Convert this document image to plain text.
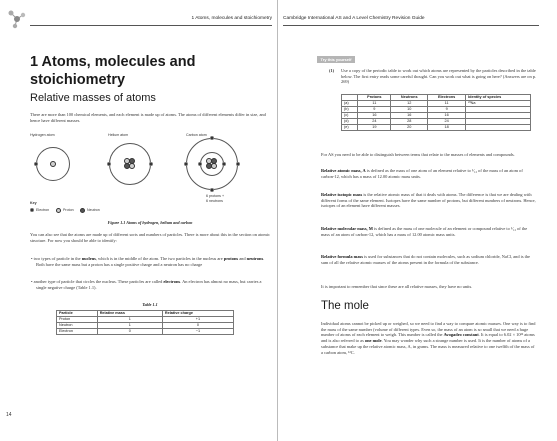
1 Atoms, molecules and stoichiometry
1 Atoms, molecules and
stoichiometry
Relative masses of atoms
There are more than 100 chemical elements, and each element is made up of atoms. The atoms of different elements differ in size, and hence have different masses.
Hydrogen atom	Helium atom	Carbon atom
6 protons +
6 neutrons
Key
Electron	Proton	Neutron
Figure 1.1 Atoms of hydrogen, helium and carbon
You can also see that the atoms are made up of different sorts and numbers of particles. There is more about this in the section on atomic structure. For now you should be able to identify:
• two types of particle in the nucleus, which is in the middle of the atom. The two particles in the nucleus are protons and neutrons. Both have the same mass but a proton has a single positive charge and a neutron has no charge
• another type of particle that circles the nucleus. These particles are called electrons. An electron has almost no mass, but carries a single negative charge (Table 1.1).
Table 1.1
Particle	Relative mass	Relative charge
Proton	1	+1
Neutron	1	0
Electron	0	−1
14
Cambridge International AS and A Level Chemistry Revision Guide
Try this yourself
(1) Use a copy of the periodic table to work out which atoms are represented by the particles described in the table below. The first entry reads some careful thought. Can you work out what is going on here? (Answers are on p. 269)
	Protons	Neutrons	Electrons	Identity of species
(a)	11	12	11	²³Na
(b)	9	10	9	
(c)	16	16	16	
(d)	24	28	24	
(e)	19	20	18	
For AS you need to be able to distinguish between terms that relate to the masses of elements and compounds.
Relative atomic mass, A is defined as the mass of one atom of an element relative to ¹⁄₁₂ of the mass of an atom of carbon-12, which has a mass of 12.00 atomic mass units.
Relative isotopic mass is the relative atomic mass of that it deals with atoms. The difference is that we are dealing with different forms of the same element. Isotopes have the same number of protons, but different numbers of neutrons. Hence, isotopes of an element have different masses.
Relative molecular mass, M is defined as the mass of one molecule of an element or compound relative to ¹⁄₁₂ of the mass of an atom of carbon-12, which has a mass of 12.00 atomic mass units.
Relative formula mass is used for substances that do not contain molecules, such as sodium chloride, NaCl, and is the sum of all the relative atomic masses of the atoms present in the formula of the substance.
It is important to remember that since these are all relative masses, they have no units.
The mole
Individual atoms cannot be picked up or weighed, so we need to find a way to compare atomic masses. One way is to find the mass of the same number (volume of different types. Even so, the mass of an atom is so small that we need a huge number of atoms of each element to weigh. This number is called the Avogadro constant. It is equal to 6.02 × 10²³ atoms and is also referred to as one mole. You may wonder why such a strange number is used. It is the number of atoms of a substance that make up the relative atomic mass, A, in grams. The mass is measured relative to one twelfth of the mass of a carbon atom, ¹²C.
